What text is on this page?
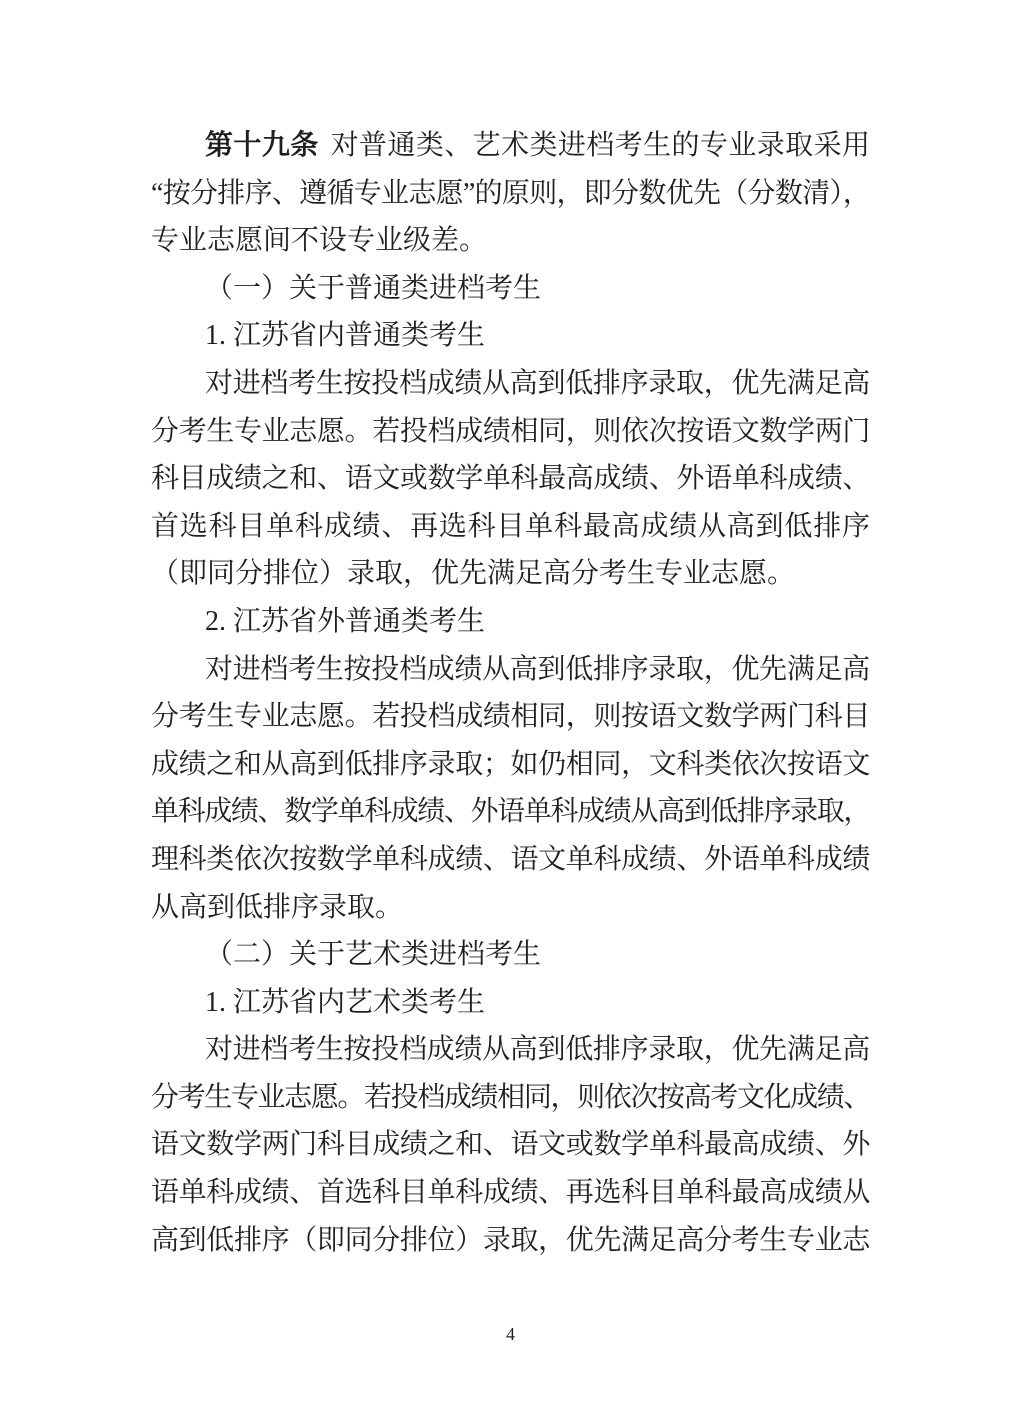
第十九条 对普通类、艺术类进档考生的专业录取采用
“按分排序、遵循专业志愿”的原则，即分数优先（分数清），
专业志愿间不设专业级差。
（一）关于普通类进档考生
1. 江苏省内普通类考生
对进档考生按投档成绩从高到低排序录取，优先满足高
分考生专业志愿。若投档成绩相同，则依次按语文数学两门
科目成绩之和、语文或数学单科最高成绩、外语单科成绩、
首选科目单科成绩、再选科目单科最高成绩从高到低排序
（即同分排位）录取，优先满足高分考生专业志愿。
2. 江苏省外普通类考生
对进档考生按投档成绩从高到低排序录取，优先满足高
分考生专业志愿。若投档成绩相同，则按语文数学两门科目
成绩之和从高到低排序录取；如仍相同，文科类依次按语文
单科成绩、数学单科成绩、外语单科成绩从高到低排序录取，
理科类依次按数学单科成绩、语文单科成绩、外语单科成绩
从高到低排序录取。
（二）关于艺术类进档考生
1. 江苏省内艺术类考生
对进档考生按投档成绩从高到低排序录取，优先满足高
分考生专业志愿。若投档成绩相同，则依次按高考文化成绩、
语文数学两门科目成绩之和、语文或数学单科最高成绩、外
语单科成绩、首选科目单科成绩、再选科目单科最高成绩从
高到低排序（即同分排位）录取，优先满足高分考生专业志
4
